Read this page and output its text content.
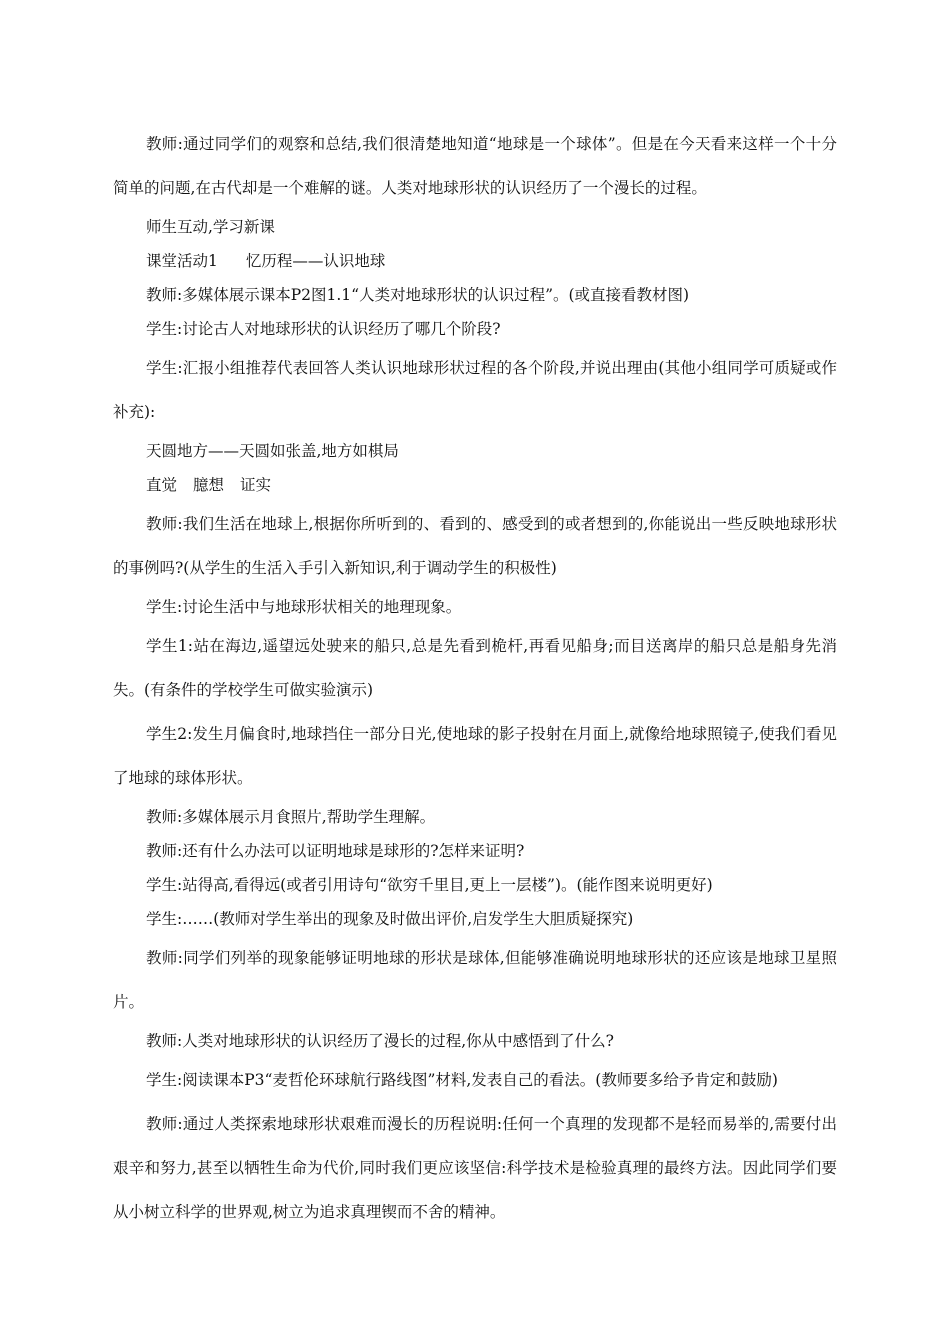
教师:通过同学们的观察和总结,我们很清楚地知道“地球是一个球体”。但是在今天看来这样一个十分简单的问题,在古代却是一个难解的谜。人类对地球形状的认识经历了一个漫长的过程。

师生互动,学习新课

课堂活动1 忆历程——认识地球

教师:多媒体展示课本P2图1.1“人类对地球形状的认识过程”。(或直接看教材图)

学生:讨论古人对地球形状的认识经历了哪几个阶段?

学生:汇报小组推荐代表回答人类认识地球形状过程的各个阶段,并说出理由(其他小组同学可质疑或作补充):

天圆地方——天圆如张盖,地方如棋局

直觉 臆想 证实

教师:我们生活在地球上,根据你所听到的、看到的、感受到的或者想到的,你能说出一些反映地球形状的事例吗?(从学生的生活入手引入新知识,利于调动学生的积极性)

学生:讨论生活中与地球形状相关的地理现象。

学生1:站在海边,遥望远处驶来的船只,总是先看到桅杆,再看见船身;而目送离岸的船只总是船身先消失。(有条件的学校学生可做实验演示)

学生2:发生月偏食时,地球挡住一部分日光,使地球的影子投射在月面上,就像给地球照镜子,使我们看见了地球的球体形状。

教师:多媒体展示月食照片,帮助学生理解。

教师:还有什么办法可以证明地球是球形的?怎样来证明?

学生:站得高,看得远(或者引用诗句“欲穷千里目,更上一层楼”)。(能作图来说明更好)

学生:……(教师对学生举出的现象及时做出评价,启发学生大胆质疑探究)

教师:同学们列举的现象能够证明地球的形状是球体,但能够准确说明地球形状的还应该是地球卫星照片。

教师:人类对地球形状的认识经历了漫长的过程,你从中感悟到了什么?

学生:阅读课本P3“麦哲伦环球航行路线图”材料,发表自己的看法。(教师要多给予肯定和鼓励)

教师:通过人类探索地球形状艰难而漫长的历程说明:任何一个真理的发现都不是轻而易举的,需要付出艰辛和努力,甚至以牺牲生命为代价,同时我们更应该坚信:科学技术是检验真理的最终方法。因此同学们要从小树立科学的世界观,树立为追求真理锲而不舍的精神。
